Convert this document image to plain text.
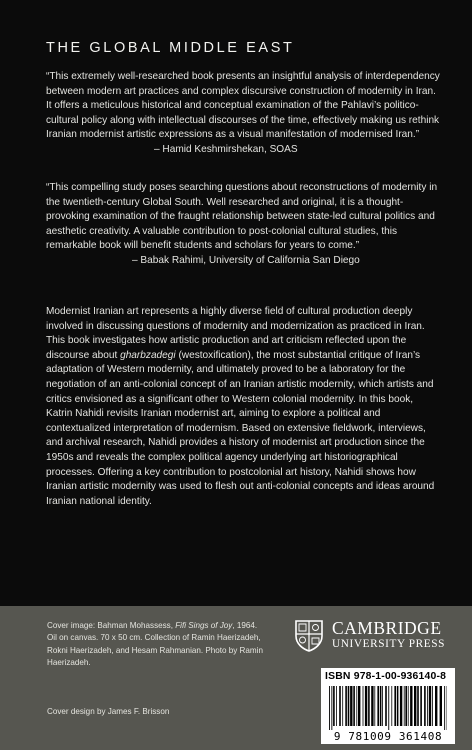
THE GLOBAL MIDDLE EAST
“This extremely well-researched book presents an insightful analysis of interdependency between modern art practices and complex discursive construction of modernity in Iran. It offers a meticulous historical and conceptual examination of the Pahlavi’s politico-cultural policy along with intellectual discourses of the time, effectively making us rethink Iranian modernist artistic expressions as a visual manifestation of modernised Iran.”
– Hamid Keshmirshekan, SOAS
“This compelling study poses searching questions about reconstructions of modernity in the twentieth-century Global South. Well researched and original, it is a thought-provoking examination of the fraught relationship between state-led cultural politics and aesthetic creativity. A valuable contribution to post-colonial cultural studies, this remarkable book will benefit students and scholars for years to come.”
– Babak Rahimi, University of California San Diego
Modernist Iranian art represents a highly diverse field of cultural production deeply involved in discussing questions of modernity and modernization as practiced in Iran. This book investigates how artistic production and art criticism reflected upon the discourse about gharbzadegi (westoxification), the most substantial critique of Iran’s adaptation of Western modernity, and ultimately proved to be a laboratory for the negotiation of an anti-colonial concept of an Iranian artistic modernity, which artists and critics envisioned as a significant other to Western colonial modernity. In this book, Katrin Nahidi revisits Iranian modernist art, aiming to explore a political and contextualized interpretation of modernism. Based on extensive fieldwork, interviews, and archival research, Nahidi provides a history of modernist art production since the 1950s and reveals the complex political agency underlying art historiographical processes. Offering a key contribution to postcolonial art history, Nahidi shows how Iranian artistic modernity was used to flesh out anti-colonial concepts and ideas around Iranian national identity.
Cover image: Bahman Mohassess, Fifi Sings of Joy, 1964. Oil on canvas. 70 x 50 cm. Collection of Ramin Haerizadeh, Rokni Haerizadeh, and Hesam Rahmanian. Photo by Ramin Haerizadeh.
Cover design by James F. Brisson
CAMBRIDGE
UNIVERSITY PRESS
ISBN 978-1-00-936140-8
9 781009 361408
